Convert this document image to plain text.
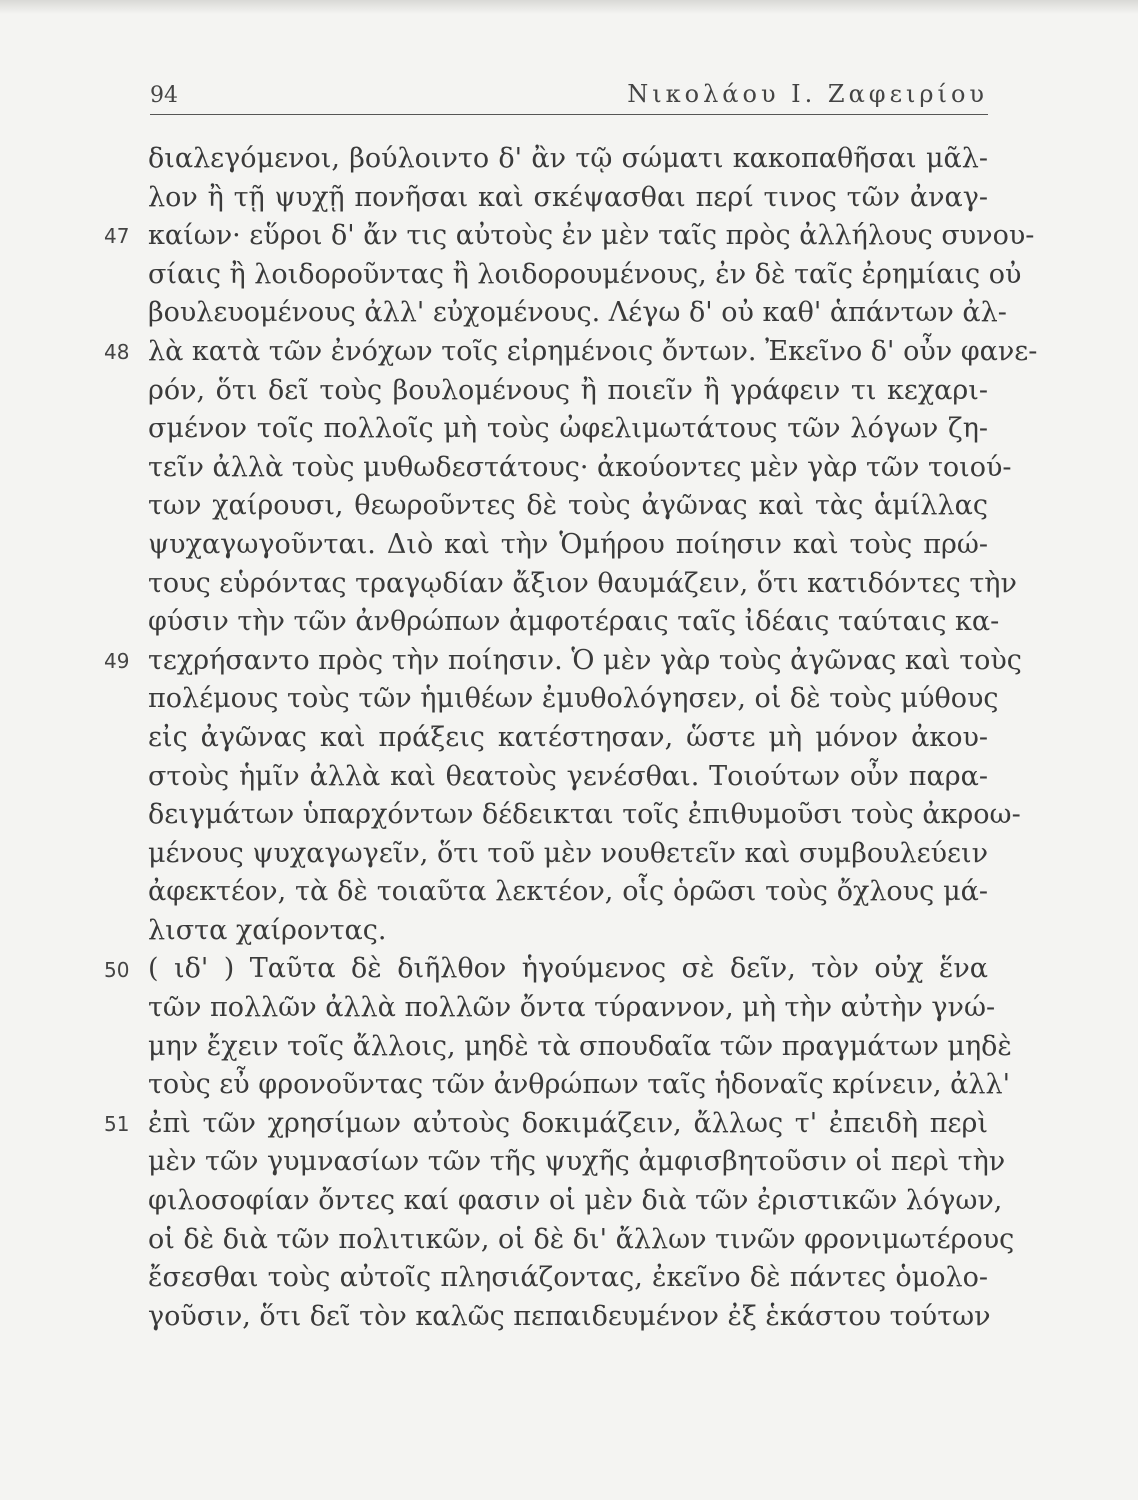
94	Νικολάου Ι. Ζαφειρίου
διαλεγόμενοι, βούλοιντο δ' ἂν τῷ σώματι κακοπαθῆσαι μᾶλ-
λον ἢ τῇ ψυχῇ πονῆσαι καὶ σκέψασθαι περί τινος τῶν ἀναγ-
καίων· εὕροι δ' ἄν τις αὐτοὺς ἐν μὲν ταῖς πρὸς ἀλλήλους συνου-
σίαις ἢ λοιδοροῦντας ἢ λοιδορουμένους, ἐν δὲ ταῖς ἐρημίαις οὐ
βουλευομένους ἀλλ' εὐχομένους. Λέγω δ' οὐ καθ' ἁπάντων ἀλ-
λὰ κατὰ τῶν ἐνόχων τοῖς εἰρημένοις ὄντων. Ἐκεῖνο δ' οὖν φανε-
ρόν, ὅτι δεῖ τοὺς βουλομένους ἢ ποιεῖν ἢ γράφειν τι κεχαρι-
σμένον τοῖς πολλοῖς μὴ τοὺς ὠφελιμωτάτους τῶν λόγων ζη-
τεῖν ἀλλὰ τοὺς μυθωδεστάτους· ἀκούοντες μὲν γὰρ τῶν τοιού-
των χαίρουσι, θεωροῦντες δὲ τοὺς ἀγῶνας καὶ τὰς ἁμίλλας
ψυχαγωγοῦνται. Διὸ καὶ τὴν Ὁμήρου ποίησιν καὶ τοὺς πρώ-
τους εὑρόντας τραγῳδίαν ἄξιον θαυμάζειν, ὅτι κατιδόντες τὴν
φύσιν τὴν τῶν ἀνθρώπων ἀμφοτέραις ταῖς ἰδέαις ταύταις κα-
τεχρήσαντο πρὸς τὴν ποίησιν. Ὁ μὲν γὰρ τοὺς ἀγῶνας καὶ τοὺς
πολέμους τοὺς τῶν ἡμιθέων ἐμυθολόγησεν, οἱ δὲ τοὺς μύθους
εἰς ἀγῶνας καὶ πράξεις κατέστησαν, ὥστε μὴ μόνον ἀκου-
στοὺς ἡμῖν ἀλλὰ καὶ θεατοὺς γενέσθαι. Τοιούτων οὖν παρα-
δειγμάτων ὑπαρχόντων δέδεικται τοῖς ἐπιθυμοῦσι τοὺς ἀκροω-
μένους ψυχαγωγεῖν, ὅτι τοῦ μὲν νουθετεῖν καὶ συμβουλεύειν
ἀφεκτέον, τὰ δὲ τοιαῦτα λεκτέον, οἷς ὁρῶσι τοὺς ὄχλους μά-
λιστα χαίροντας.
( ιδ' ) Ταῦτα δὲ διῆλθον ἡγούμενος σὲ δεῖν, τὸν οὐχ ἕνα
τῶν πολλῶν ἀλλὰ πολλῶν ὄντα τύραννον, μὴ τὴν αὐτὴν γνώ-
μην ἔχειν τοῖς ἄλλοις, μηδὲ τὰ σπουδαῖα τῶν πραγμάτων μηδὲ
τοὺς εὖ φρονοῦντας τῶν ἀνθρώπων ταῖς ἡδοναῖς κρίνειν, ἀλλ'
ἐπὶ τῶν χρησίμων αὐτοὺς δοκιμάζειν, ἄλλως τ' ἐπειδὴ περὶ
μὲν τῶν γυμνασίων τῶν τῆς ψυχῆς ἀμφισβητοῦσιν οἱ περὶ τὴν
φιλοσοφίαν ὄντες καί φασιν οἱ μὲν διὰ τῶν ἐριστικῶν λόγων,
οἱ δὲ διὰ τῶν πολιτικῶν, οἱ δὲ δι' ἄλλων τινῶν φρονιμωτέρους
ἔσεσθαι τοὺς αὐτοῖς πλησιάζοντας, ἐκεῖνο δὲ πάντες ὁμολο-
γοῦσιν, ὅτι δεῖ τὸν καλῶς πεπαιδευμένον ἐξ ἑκάστου τούτων
47
48
49
50
51
